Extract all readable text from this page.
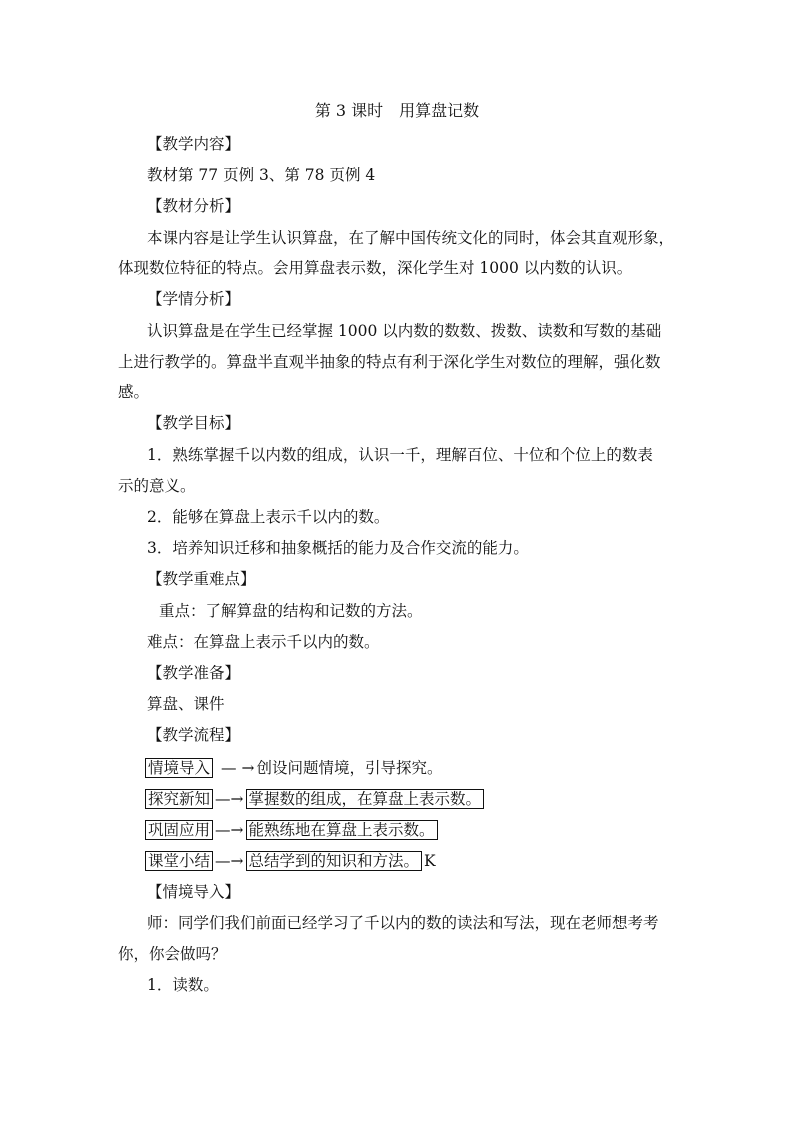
第 3 课时　用算盘记数
【教学内容】
教材第 77 页例 3、第 78 页例 4
【教材分析】
本课内容是让学生认识算盘，在了解中国传统文化的同时，体会其直观形象，
体现数位特征的特点。会用算盘表示数，深化学生对 1000 以内数的认识。
【学情分析】
认识算盘是在学生已经掌握 1000 以内数的数数、拨数、读数和写数的基础
上进行教学的。算盘半直观半抽象的特点有利于深化学生对数位的理解，强化数
感。
【教学目标】
1．熟练掌握千以内数的组成，认识一千，理解百位、十位和个位上的数表
示的意义。
2．能够在算盘上表示千以内的数。
3．培养知识迁移和抽象概括的能力及合作交流的能力。
【教学重难点】
重点：了解算盘的结构和记数的方法。
难点：在算盘上表示千以内的数。
【教学准备】
算盘、课件
【教学流程】
情境导入 — → 创设问题情境，引导探究。
探究新知 —→ 掌握数的组成，在算盘上表示数。
巩固应用 —→ 能熟练地在算盘上表示数。
课堂小结 —→ 总结学到的知识和方法。 K
【情境导入】
师：同学们我们前面已经学习了千以内的数的读法和写法，现在老师想考考
你，你会做吗？
1．读数。
